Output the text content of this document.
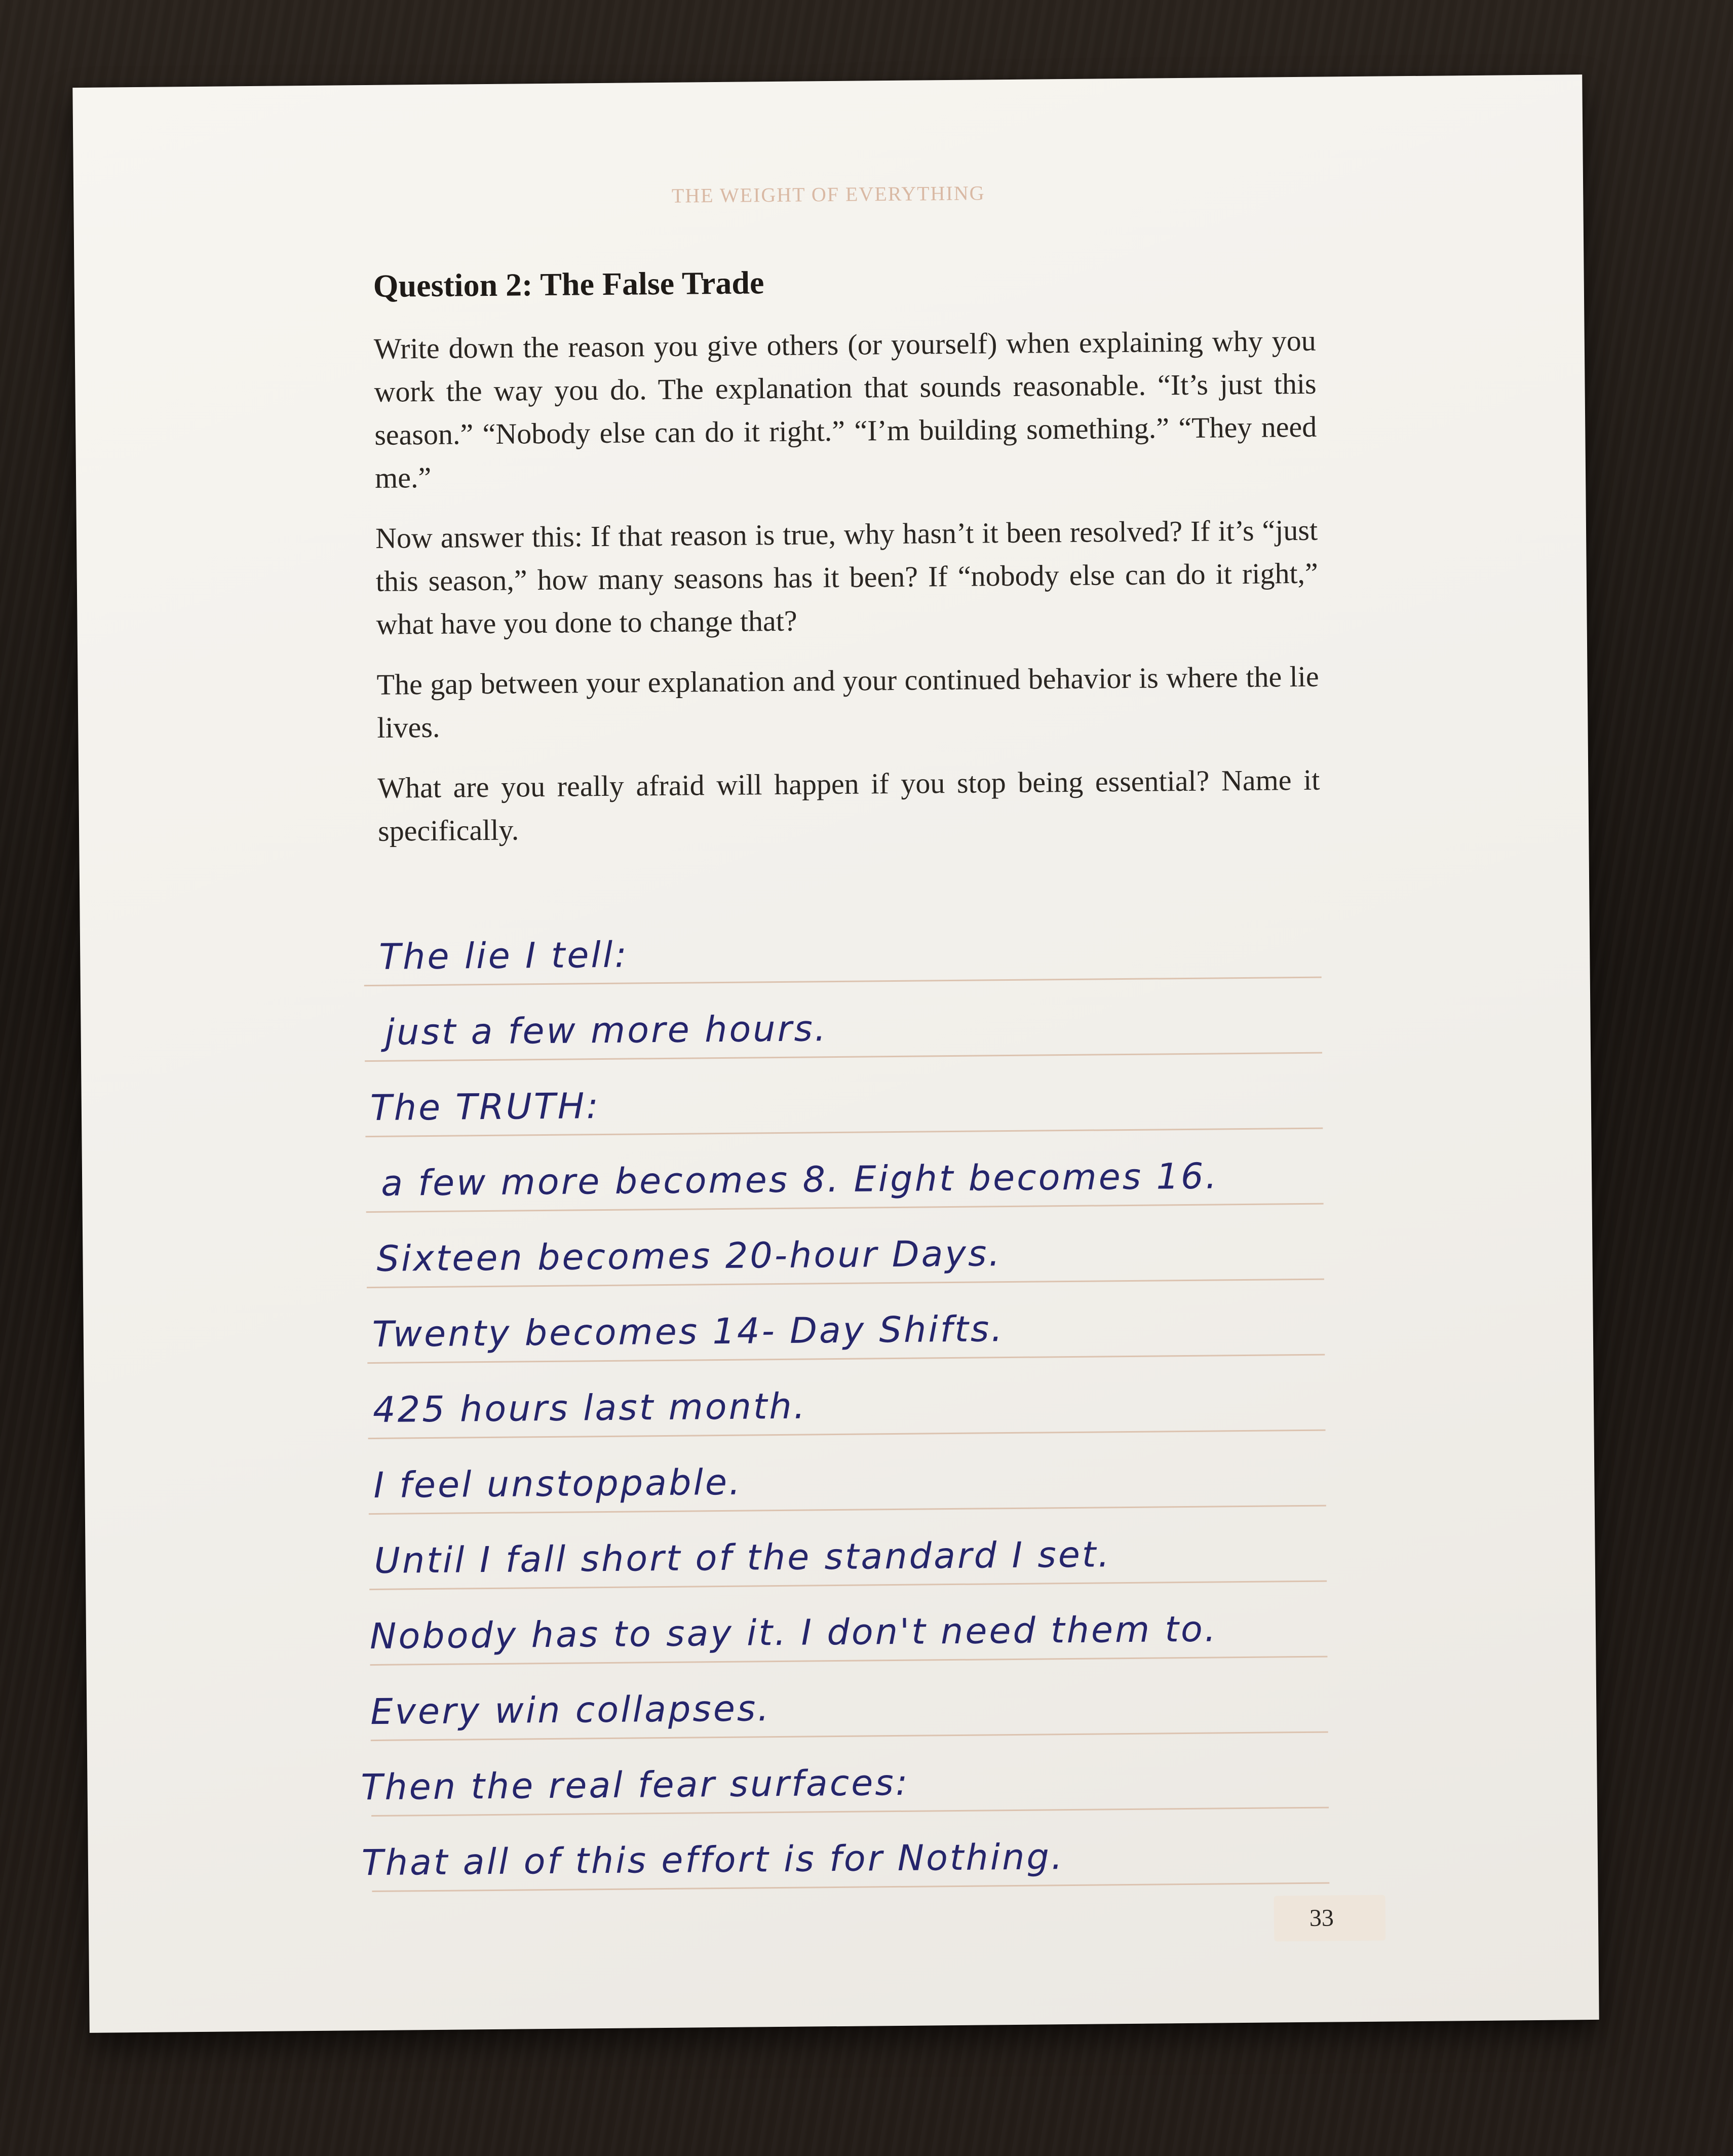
THE WEIGHT OF EVERYTHING
Question 2: The False Trade

Write down the reason you give others (or yourself) when explaining why you work the way you do. The explanation that sounds reasonable. “It’s just this season.” “Nobody else can do it right.” “I’m building something.” “They need me.”

Now answer this: If that reason is true, why hasn’t it been resolved? If it’s “just this season,” how many seasons has it been? If “nobody else can do it right,” what have you done to change that?

The gap between your explanation and your continued behavior is where the lie lives.

What are you really afraid will happen if you stop being essential? Name it specifically.

The lie I tell:
just a few more hours.
The TRUTH:
a few more becomes 8. Eight becomes 16.
Sixteen becomes 20-hour Days.
Twenty becomes 14- Day Shifts.
425 hours last month.
I feel unstoppable.
Until I fall short of the standard I set.
Nobody has to say it. I don't need them to.
Every win collapses.
Then the real fear surfaces:
That all of this effort is for Nothing.
33
